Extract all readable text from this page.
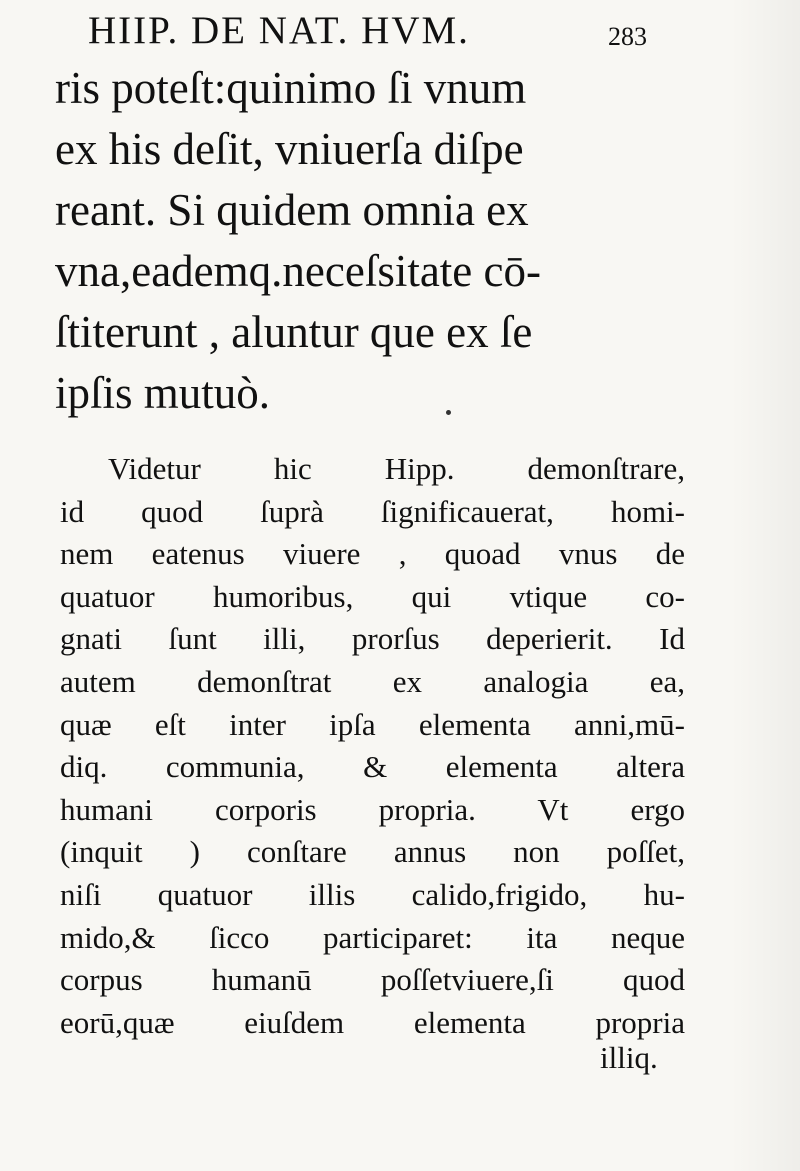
HIIP. DE NAT. HVM.	283
ris poteſt:quinimo ſi vnum
ex his deſit, vniuerſa diſpe
reant. Si quidem omnia ex
vna,eademq.neceſsitate cō-
ſtiterunt , aluntur que ex ſe
ipſis mutuò.
Videtur hic Hipp. demonſtrare,
id quod ſuprà ſignificauerat, homi-
nem eatenus viuere , quoad vnus de
quatuor humoribus, qui vtique co-
gnati ſunt illi, prorſus deperierit. Id
autem demonſtrat ex analogia ea,
quæ eſt inter ipſa elementa anni,mū-
diq. communia, & elementa altera
humani corporis propria. Vt ergo
(inquit ) conſtare annus non poſſet,
niſi quatuor illis calido,frigido, hu-
mido,& ſicco participaret: ita neque
corpus humanū poſſetviuere,ſi quod
eorū,quæ eiuſdem elementa propria
illiq.
